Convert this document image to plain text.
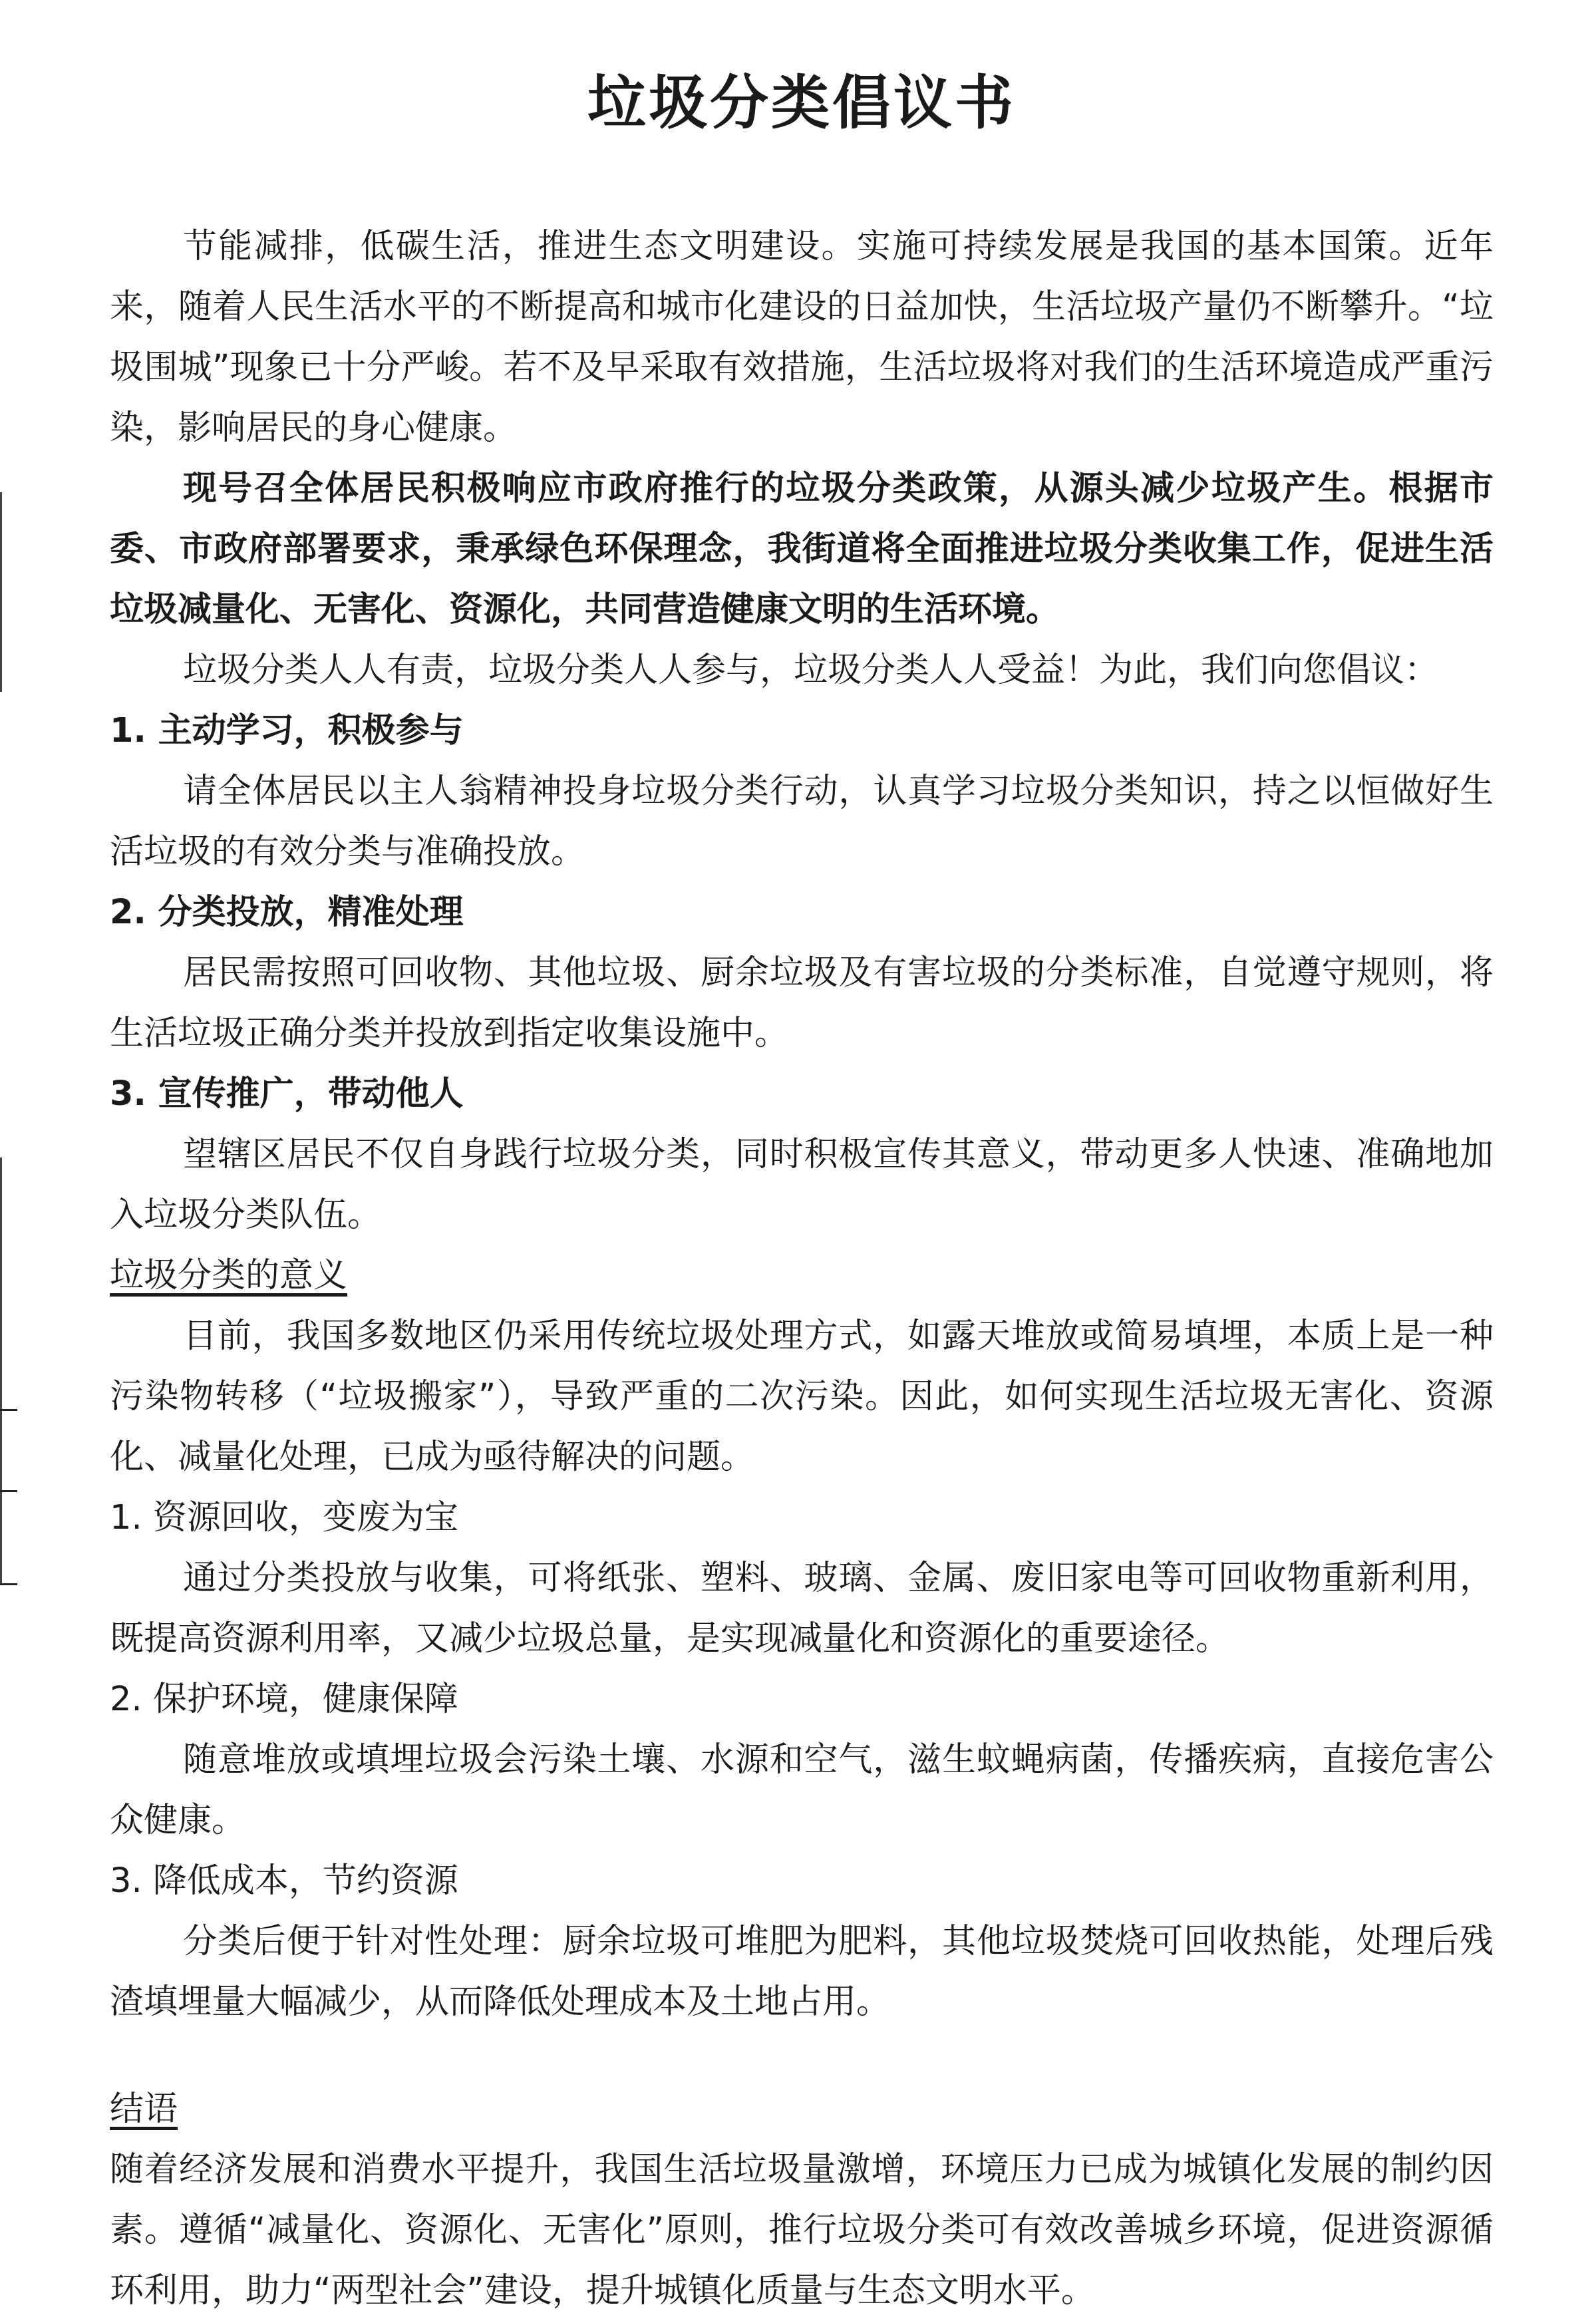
垃圾分类倡议书

节能减排，低碳生活，推进生态文明建设。实施可持续发展是我国的基本国策。近年来，随着人民生活水平的不断提高和城市化建设的日益加快，生活垃圾产量仍不断攀升。“垃圾围城”现象已十分严峻。若不及早采取有效措施，生活垃圾将对我们的生活环境造成严重污染，影响居民的身心健康。

现号召全体居民积极响应市政府推行的垃圾分类政策，从源头减少垃圾产生。根据市委、市政府部署要求，秉承绿色环保理念，我街道将全面推进垃圾分类收集工作，促进生活垃圾减量化、无害化、资源化，共同营造健康文明的生活环境。

垃圾分类人人有责，垃圾分类人人参与，垃圾分类人人受益！为此，我们向您倡议：

1. 主动学习，积极参与

请全体居民以主人翁精神投身垃圾分类行动，认真学习垃圾分类知识，持之以恒做好生活垃圾的有效分类与准确投放。

2. 分类投放，精准处理

居民需按照可回收物、其他垃圾、厨余垃圾及有害垃圾的分类标准，自觉遵守规则，将生活垃圾正确分类并投放到指定收集设施中。

3. 宣传推广，带动他人

望辖区居民不仅自身践行垃圾分类，同时积极宣传其意义，带动更多人快速、准确地加入垃圾分类队伍。

垃圾分类的意义

目前，我国多数地区仍采用传统垃圾处理方式，如露天堆放或简易填埋，本质上是一种污染物转移（“垃圾搬家”），导致严重的二次污染。因此，如何实现生活垃圾无害化、资源化、减量化处理，已成为亟待解决的问题。

1. 资源回收，变废为宝

通过分类投放与收集，可将纸张、塑料、玻璃、金属、废旧家电等可回收物重新利用，既提高资源利用率，又减少垃圾总量，是实现减量化和资源化的重要途径。

2. 保护环境，健康保障

随意堆放或填埋垃圾会污染土壤、水源和空气，滋生蚊蝇病菌，传播疾病，直接危害公众健康。

3. 降低成本，节约资源

分类后便于针对性处理：厨余垃圾可堆肥为肥料，其他垃圾焚烧可回收热能，处理后残渣填埋量大幅减少，从而降低处理成本及土地占用。

结语

随着经济发展和消费水平提升，我国生活垃圾量激增，环境压力已成为城镇化发展的制约因素。遵循“减量化、资源化、无害化”原则，推行垃圾分类可有效改善城乡环境，促进资源循环利用，助力“两型社会”建设，提升城镇化质量与生态文明水平。
